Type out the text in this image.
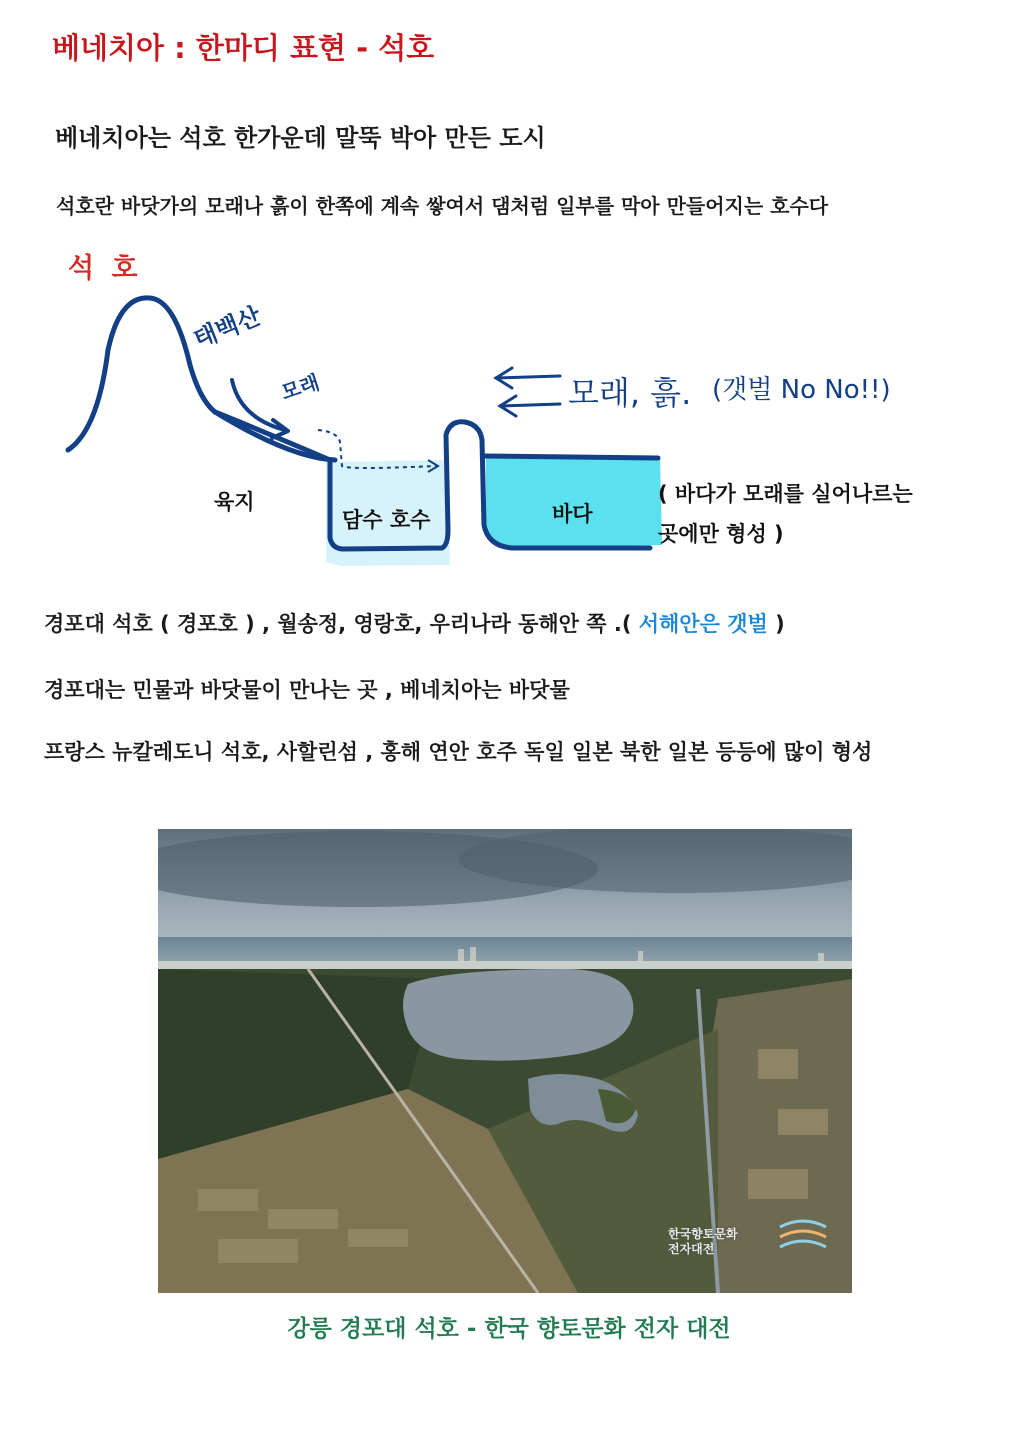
베네치아 : 한마디 표현 - 석호
베네치아는 석호 한가운데 말뚝 박아 만든 도시
석호란 바닷가의 모래나 흙이 한쪽에 계속 쌓여서 댐처럼 일부를 막아 만들어지는 호수다
석 호
태백산
모래	모래, 흙. (갯벌 No No!!)
육지
담수 호수	바다
( 바다가 모래를 실어나르는
곳에만 형성 )
경포대 석호 ( 경포호 ) , 월송정, 영랑호, 우리나라 동해안 쪽 .( 서해안은 갯벌 )
경포대는 민물과 바닷물이 만나는 곳 , 베네치아는 바닷물
프랑스 뉴칼레도니 석호, 사할린섬 , 홍해 연안 호주 독일 일본 북한 일본 등등에 많이 형성
한국향토문화
전자대전
강릉 경포대 석호 - 한국 향토문화 전자 대전
